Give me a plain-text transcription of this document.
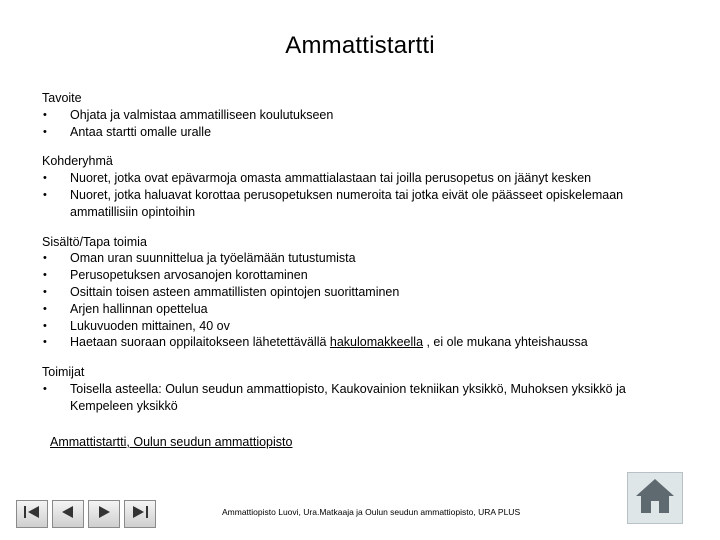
Ammattistartti
Tavoite
• Ohjata ja valmistaa ammatilliseen koulutukseen
• Antaa startti omalle uralle
Kohderyhmä
• Nuoret, jotka ovat epävarmoja omasta ammattialastaan tai joilla perusopetus on jäänyt kesken
• Nuoret, jotka haluavat korottaa perusopetuksen numeroita tai jotka eivät ole päässeet opiskelemaan ammatillisiin opintoihin
Sisältö/Tapa toimia
• Oman uran suunnittelua ja työelämään tutustumista
• Perusopetuksen arvosanojen korottaminen
• Osittain toisen asteen ammatillisten opintojen suorittaminen
• Arjen hallinnan opettelua
• Lukuvuoden mittainen, 40 ov
• Haetaan suoraan oppilaitokseen lähetettävällä hakulomakkeella , ei ole mukana yhteishaussa
Toimijat
• Toisella asteella: Oulun seudun ammattiopisto, Kaukovainion tekniikan yksikkö, Muhoksen yksikkö ja Kempeleen yksikkö
Ammattistartti, Oulun seudun ammattiopisto
Ammattiopisto Luovi, Ura.Matkaaja ja Oulun seudun ammattiopisto, URA PLUS
